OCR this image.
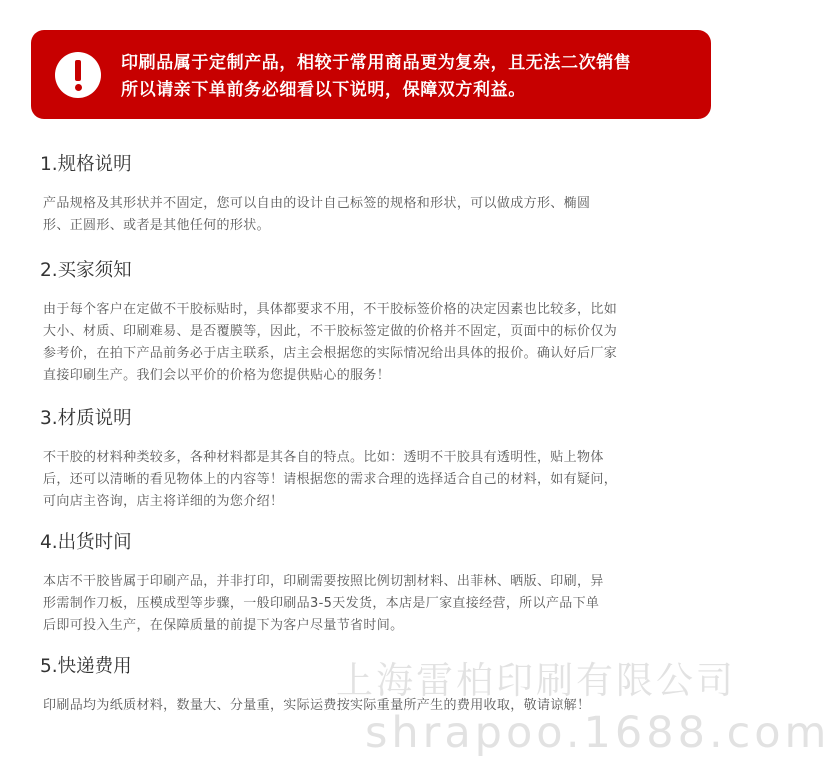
印刷品属于定制产品，相较于常用商品更为复杂，且无法二次销售
所以请亲下单前务必细看以下说明，保障双方利益。
1.规格说明

产品规格及其形状并不固定，您可以自由的设计自己标签的规格和形状，可以做成方形、椭圆
形、正圆形、或者是其他任何的形状。

2.买家须知

由于每个客户在定做不干胶标贴时，具体都要求不用，不干胶标签价格的决定因素也比较多，比如
大小、材质、印刷难易、是否覆膜等，因此，不干胶标签定做的价格并不固定，页面中的标价仅为
参考价，在拍下产品前务必于店主联系，店主会根据您的实际情况给出具体的报价。确认好后厂家
直接印刷生产。我们会以平价的价格为您提供贴心的服务！

3.材质说明

不干胶的材料种类较多，各种材料都是其各自的特点。比如：透明不干胶具有透明性，贴上物体
后，还可以清晰的看见物体上的内容等！请根据您的需求合理的选择适合自己的材料，如有疑问，
可向店主咨询，店主将详细的为您介绍！

4.出货时间

本店不干胶皆属于印刷产品，并非打印，印刷需要按照比例切割材料、出菲林、晒版、印刷，异
形需制作刀板，压模成型等步骤，一般印刷品3-5天发货，本店是厂家直接经营，所以产品下单
后即可投入生产，在保障质量的前提下为客户尽量节省时间。

5.快递费用

印刷品均为纸质材料，数量大、分量重，实际运费按实际重量所产生的费用收取，敬请谅解！

上海雷柏印刷有限公司
shrapoo.1688.com
